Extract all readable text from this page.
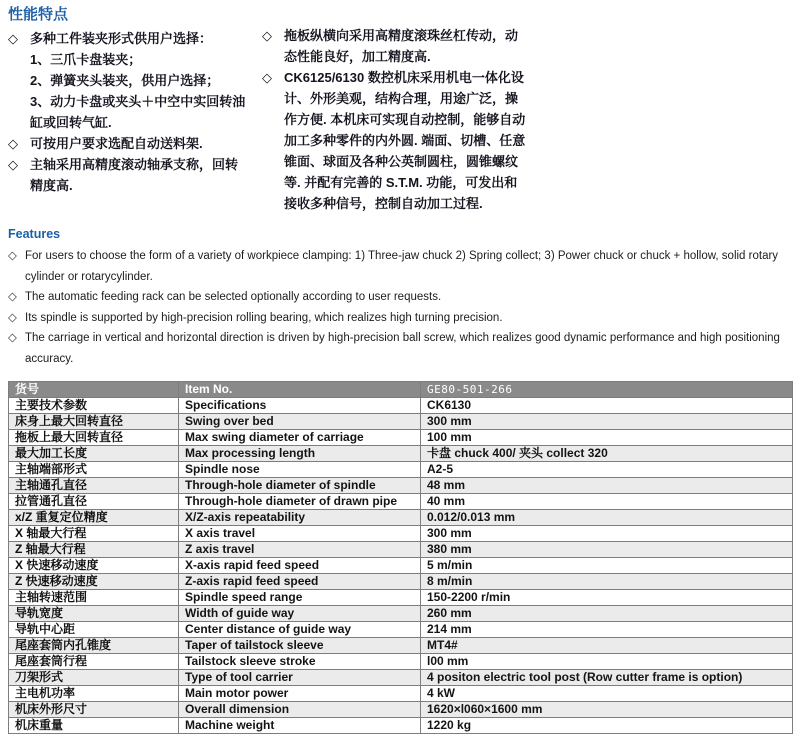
性能特点
◇ 多种工件装夹形式供用户选择：
1、三爪卡盘装夹；
2、弹簧夹头装夹，供用户选择；
3、动力卡盘或夹头＋中空中实回转油缸或回转气缸.
◇ 可按用户要求选配自动送料架.
◇ 主轴采用高精度滚动轴承支称，回转精度高.
◇ 拖板纵横向采用高精度滚珠丝杠传动，动态性能良好，加工精度高.
◇ CK6125/6130 数控机床采用机电一体化设计、外形美观，结构合理，用途广泛，操作方便. 本机床可实现自动控制，能够自动加工多种零件的内外圆. 端面、切槽、任意锥面、球面及各种公英制圆柱，圆锥螺纹等. 并配有完善的 S.T.M. 功能，可发出和接收多种信号，控制自动加工过程.
Features
◇ For users to choose the form of a variety of workpiece clamping: 1) Three-jaw chuck 2) Spring collect; 3) Power chuck or chuck + hollow, solid rotary cylinder or rotarycylinder.
◇ The automatic feeding rack can be selected optionally according to user requests.
◇ Its spindle is supported by high-precision rolling bearing, which realizes high turning precision.
◇ The carriage in vertical and horizontal direction is driven by high-precision ball screw, which realizes good dynamic performance and high positioning accuracy.
货号	Item No.	GE80-501-266
主要技术参数	Specifications	CK6130
床身上最大回转直径	Swing over bed	300 mm
拖板上最大回转直径	Max swing diameter of carriage	100 mm
最大加工长度	Max processing length	卡盘 chuck 400/ 夹头 collect 320
主轴端部形式	Spindle nose	A2-5
主轴通孔直径	Through-hole diameter of spindle	48 mm
拉管通孔直径	Through-hole diameter of drawn pipe	40 mm
x/Z 重复定位精度	X/Z-axis repeatability	0.012/0.013 mm
X 轴最大行程	X axis travel	300 mm
Z 轴最大行程	Z axis travel	380 mm
X 快速移动速度	X-axis rapid feed speed	5 m/min
Z 快速移动速度	Z-axis rapid feed speed	8 m/min
主轴转速范围	Spindle speed range	150-2200 r/min
导轨宽度	Width of guide way	260 mm
导轨中心距	Center distance of guide way	214 mm
尾座套筒内孔锥度	Taper of tailstock sleeve	MT4#
尾座套筒行程	Tailstock sleeve stroke	l00 mm
刀架形式	Type of tool carrier	4 positon electric tool post (Row cutter frame is option)
主电机功率	Main motor power	4 kW
机床外形尺寸	Overall dimension	1620×l060×1600 mm
机床重量	Machine weight	1220 kg
